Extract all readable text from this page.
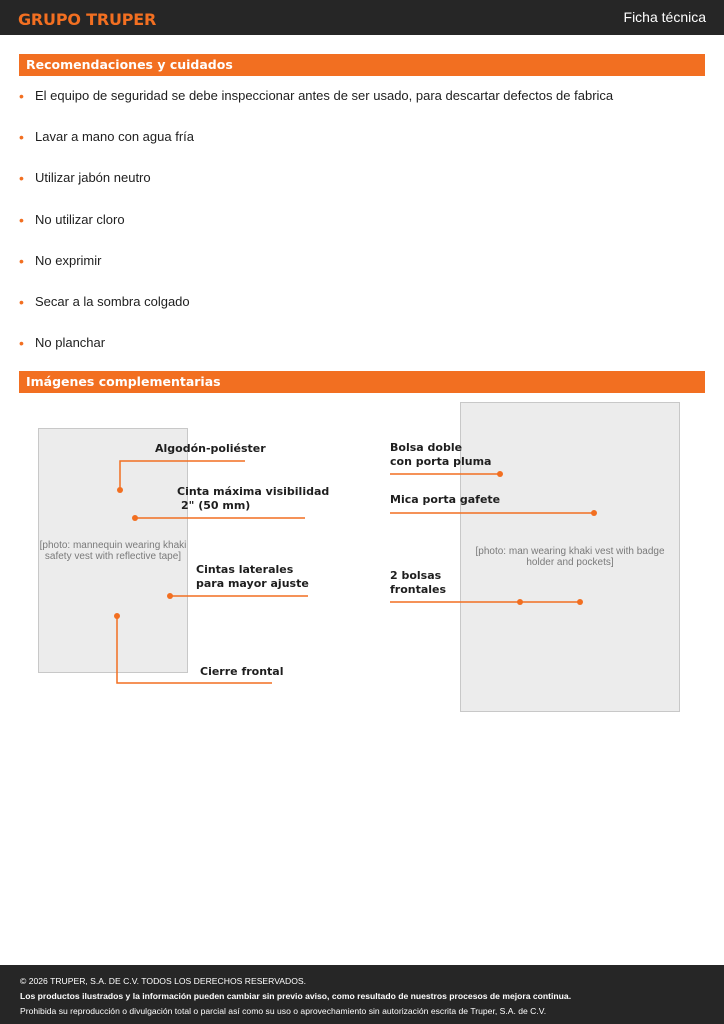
GRUPO TRUPER	Ficha técnica
Recomendaciones y cuidados
• El equipo de seguridad se debe inspeccionar antes de ser usado, para descartar defectos de fabrica
• Lavar a mano con agua fría
• Utilizar jabón neutro
• No utilizar cloro
• No exprimir
• Secar a la sombra colgado
• No planchar
Imágenes complementarias
[photo: mannequin wearing khaki safety vest with reflective tape]
Algodón-poliéster
Cinta máxima visibilidad
2" (50 mm)
Cintas laterales
para mayor ajuste
Cierre frontal
[photo: man wearing khaki vest with badge holder and pockets]
Bolsa doble
con porta pluma
Mica porta gafete
2 bolsas
frontales
© 2026 TRUPER, S.A. DE C.V. TODOS LOS DERECHOS RESERVADOS.
Los productos ilustrados y la información pueden cambiar sin previo aviso, como resultado de nuestros procesos de mejora continua.
Prohibida su reproducción o divulgación total o parcial así como su uso o aprovechamiento sin autorización escrita de Truper, S.A. de C.V.
